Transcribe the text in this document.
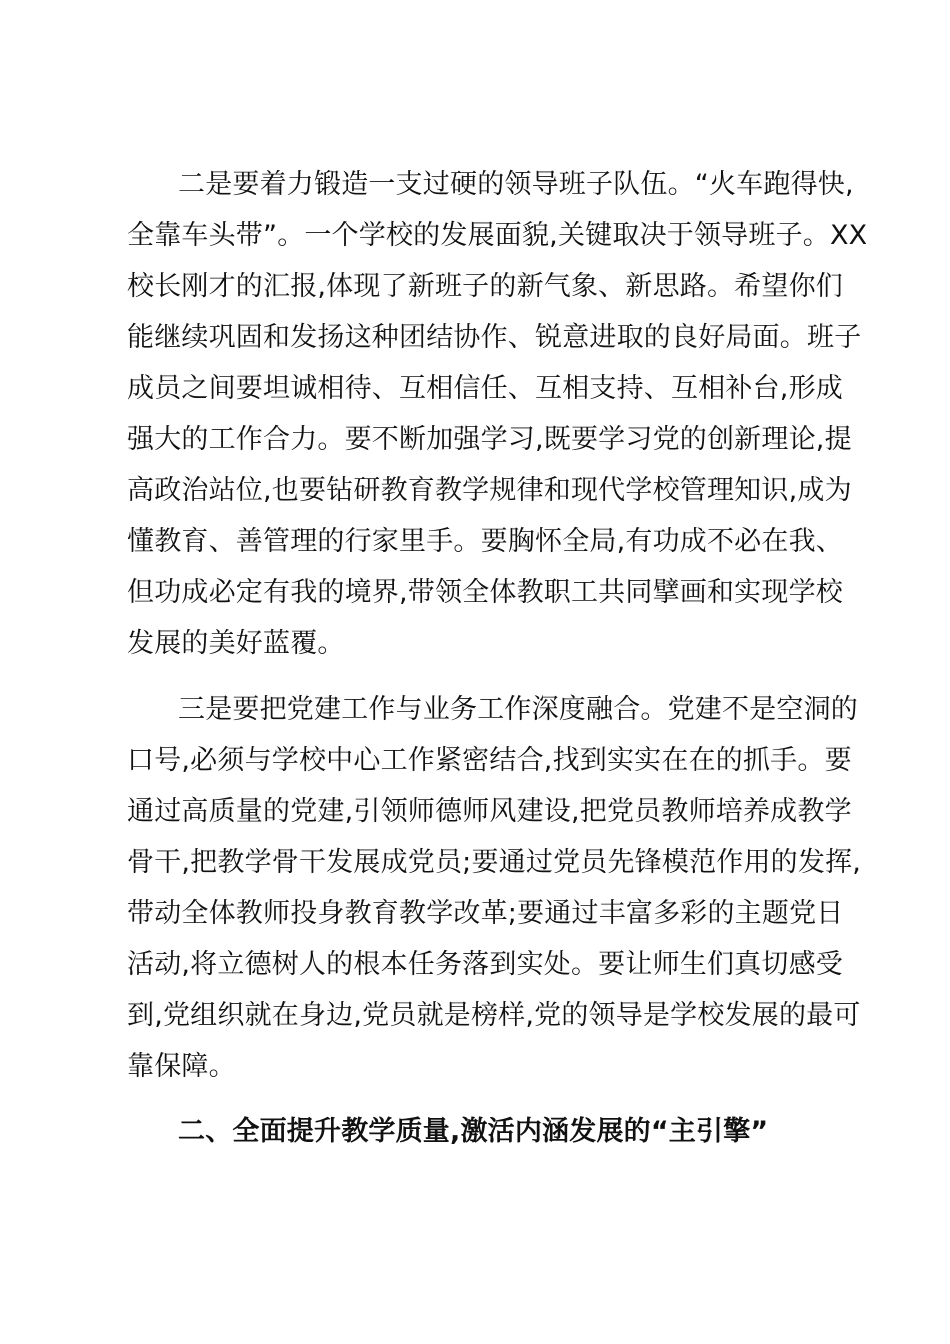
二是要着力锻造一支过硬的领导班子队伍。“火车跑得快,
全靠车头带”。一个学校的发展面貌,关键取决于领导班子。XX
校长刚才的汇报,体现了新班子的新气象、新思路。希望你们
能继续巩固和发扬这种团结协作、锐意进取的良好局面。班子
成员之间要坦诚相待、互相信任、互相支持、互相补台,形成
强大的工作合力。要不断加强学习,既要学习党的创新理论,提
高政治站位,也要钻研教育教学规律和现代学校管理知识,成为
懂教育、善管理的行家里手。要胸怀全局,有功成不必在我、
但功成必定有我的境界,带领全体教职工共同擘画和实现学校
发展的美好蓝覆。
三是要把党建工作与业务工作深度融合。党建不是空洞的
口号,必须与学校中心工作紧密结合,找到实实在在的抓手。要
通过高质量的党建,引领师德师风建设,把党员教师培养成教学
骨干,把教学骨干发展成党员;要通过党员先锋模范作用的发挥,
带动全体教师投身教育教学改革;要通过丰富多彩的主题党日
活动,将立德树人的根本任务落到实处。要让师生们真切感受
到,党组织就在身边,党员就是榜样,党的领导是学校发展的最可
靠保障。
二、全面提升教学质量,激活内涵发展的“主引擎”
